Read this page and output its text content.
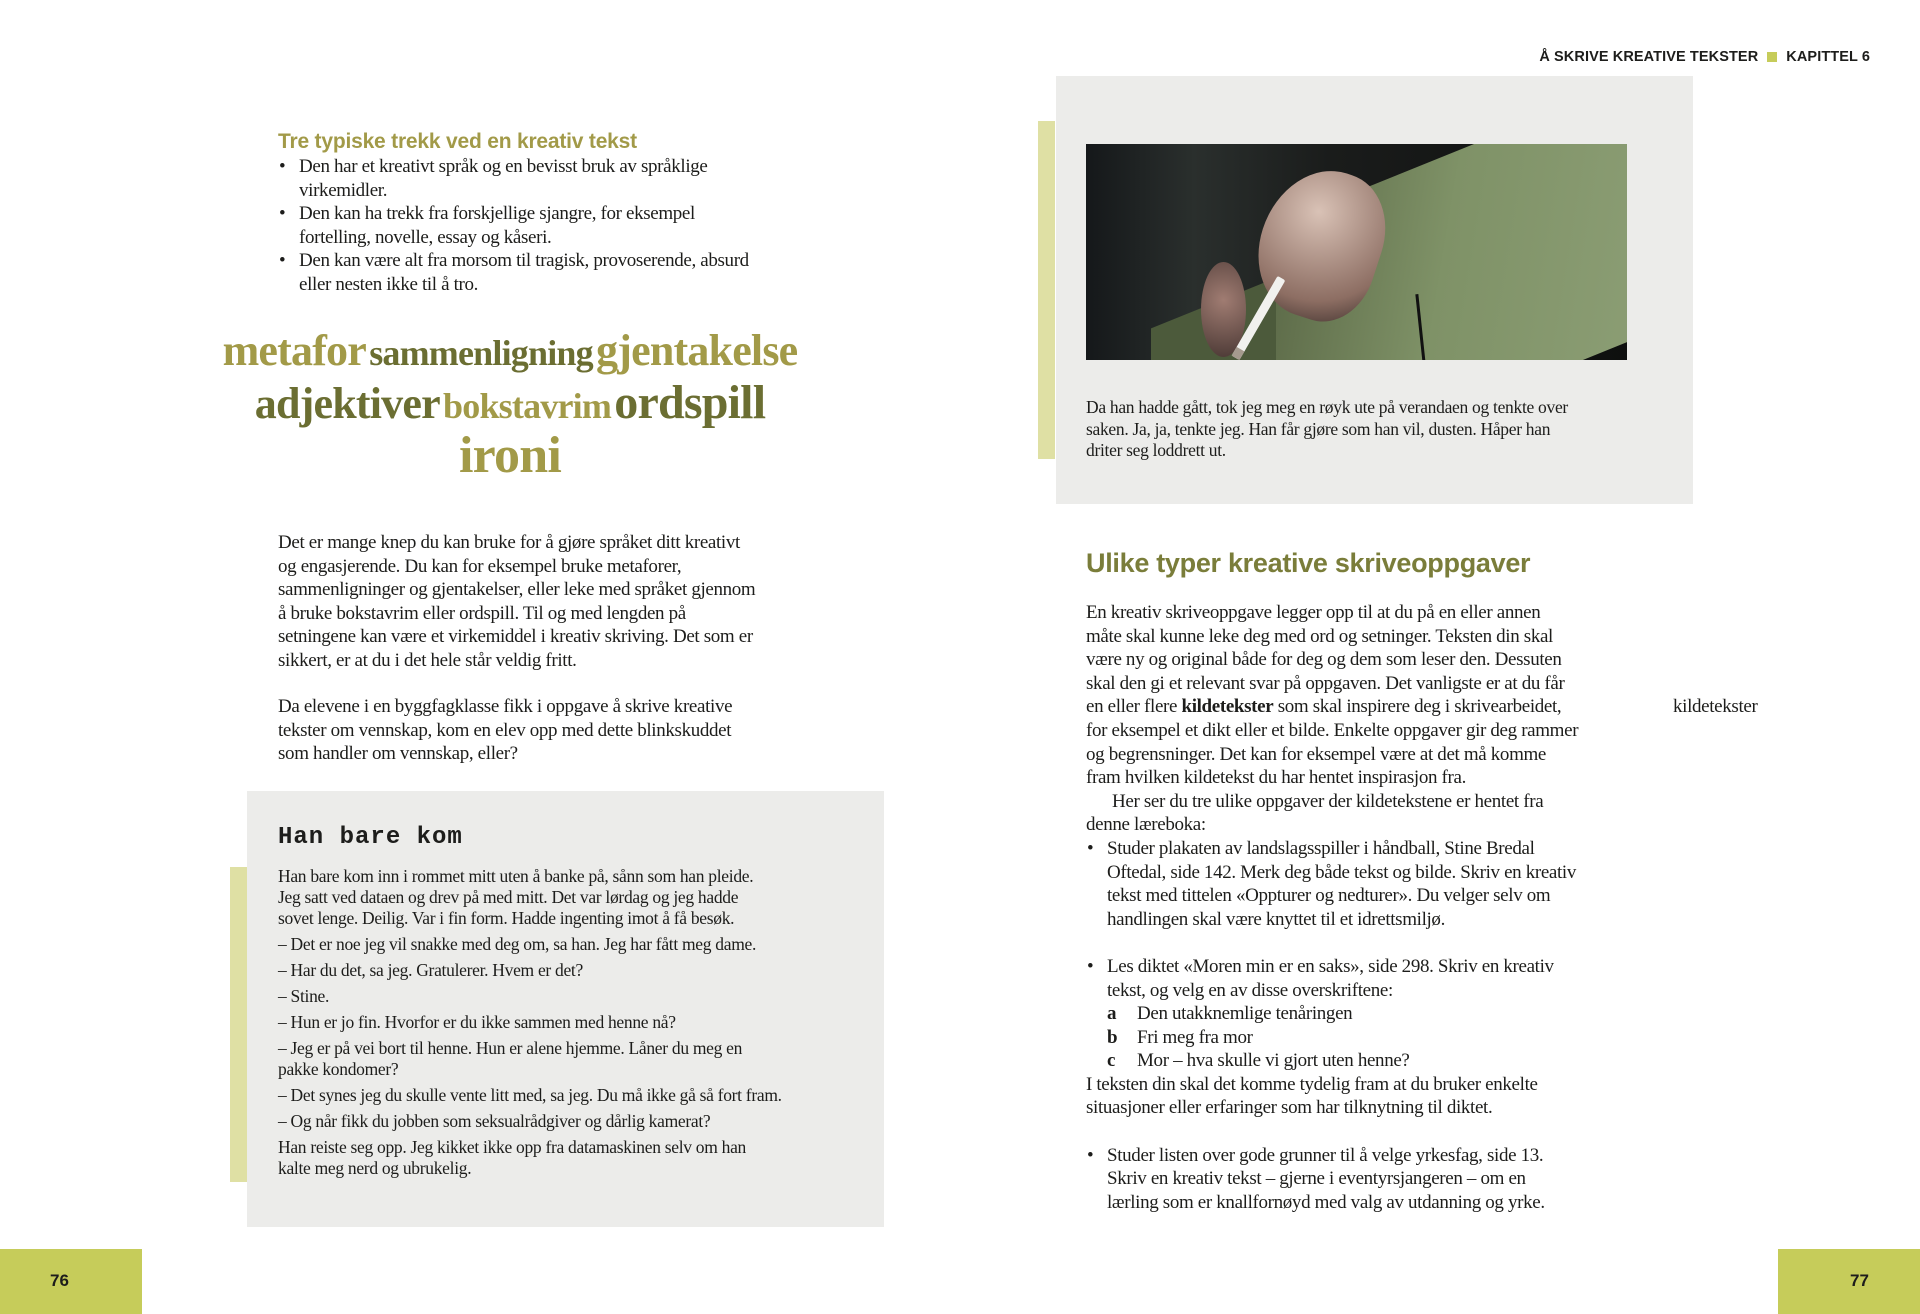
Å SKRIVE KREATIVE TEKSTER KAPITTEL 6
Tre typiske trekk ved en kreativ tekst
• Den har et kreativt språk og en bevisst bruk av språklige
virkemidler.
• Den kan ha trekk fra forskjellige sjangre, for eksempel
fortelling, novelle, essay og kåseri.
• Den kan være alt fra morsom til tragisk, provoserende, absurd
eller nesten ikke til å tro.
metafor sammenligning gjentakelse
adjektiver bokstavrim ordspill
ironi
Det er mange knep du kan bruke for å gjøre språket ditt kreativt
og engasjerende. Du kan for eksempel bruke metaforer,
sammenligninger og gjentakelser, eller leke med språket gjennom
å bruke bokstavrim eller ordspill. Til og med lengden på
setningene kan være et virkemiddel i kreativ skriving. Det som er
sikkert, er at du i det hele står veldig fritt.
Da elevene i en byggfagklasse fikk i oppgave å skrive kreative
tekster om vennskap, kom en elev opp med dette blinkskuddet
som handler om vennskap, eller?
Han bare kom
Han bare kom inn i rommet mitt uten å banke på, sånn som han pleide.
Jeg satt ved dataen og drev på med mitt. Det var lørdag og jeg hadde
sovet lenge. Deilig. Var i fin form. Hadde ingenting imot å få besøk.
– Det er noe jeg vil snakke med deg om, sa han. Jeg har fått meg dame.
– Har du det, sa jeg. Gratulerer. Hvem er det?
– Stine.
– Hun er jo fin. Hvorfor er du ikke sammen med henne nå?
– Jeg er på vei bort til henne. Hun er alene hjemme. Låner du meg en
pakke kondomer?
– Det synes jeg du skulle vente litt med, sa jeg. Du må ikke gå så fort fram.
– Og når fikk du jobben som seksualrådgiver og dårlig kamerat?
Han reiste seg opp. Jeg kikket ikke opp fra datamaskinen selv om han
kalte meg nerd og ubrukelig.
76
Da han hadde gått, tok jeg meg en røyk ute på verandaen og tenkte over
saken. Ja, ja, tenkte jeg. Han får gjøre som han vil, dusten. Håper han
driter seg loddrett ut.
Ulike typer kreative skriveoppgaver
En kreativ skriveoppgave legger opp til at du på en eller annen
måte skal kunne leke deg med ord og setninger. Teksten din skal
være ny og original både for deg og dem som leser den. Dessuten
skal den gi et relevant svar på oppgaven. Det vanligste er at du får
en eller flere kildetekster som skal inspirere deg i skrivearbeidet,
for eksempel et dikt eller et bilde. Enkelte oppgaver gir deg rammer
og begrensninger. Det kan for eksempel være at det må komme
fram hvilken kildetekst du har hentet inspirasjon fra.
Her ser du tre ulike oppgaver der kildetekstene er hentet fra
denne læreboka:
• Studer plakaten av landslagsspiller i håndball, Stine Bredal
Oftedal, side 142. Merk deg både tekst og bilde. Skriv en kreativ
tekst med tittelen «Oppturer og nedturer». Du velger selv om
handlingen skal være knyttet til et idrettsmiljø.
• Les diktet «Moren min er en saks», side 298. Skriv en kreativ
tekst, og velg en av disse overskriftene:
a	Den utakknemlige tenåringen
b	Fri meg fra mor
c	Mor – hva skulle vi gjort uten henne?
I teksten din skal det komme tydelig fram at du bruker enkelte
situasjoner eller erfaringer som har tilknytning til diktet.
• Studer listen over gode grunner til å velge yrkesfag, side 13.
Skriv en kreativ tekst – gjerne i eventyrsjangeren – om en
lærling som er knallfornøyd med valg av utdanning og yrke.
kildetekster
77
